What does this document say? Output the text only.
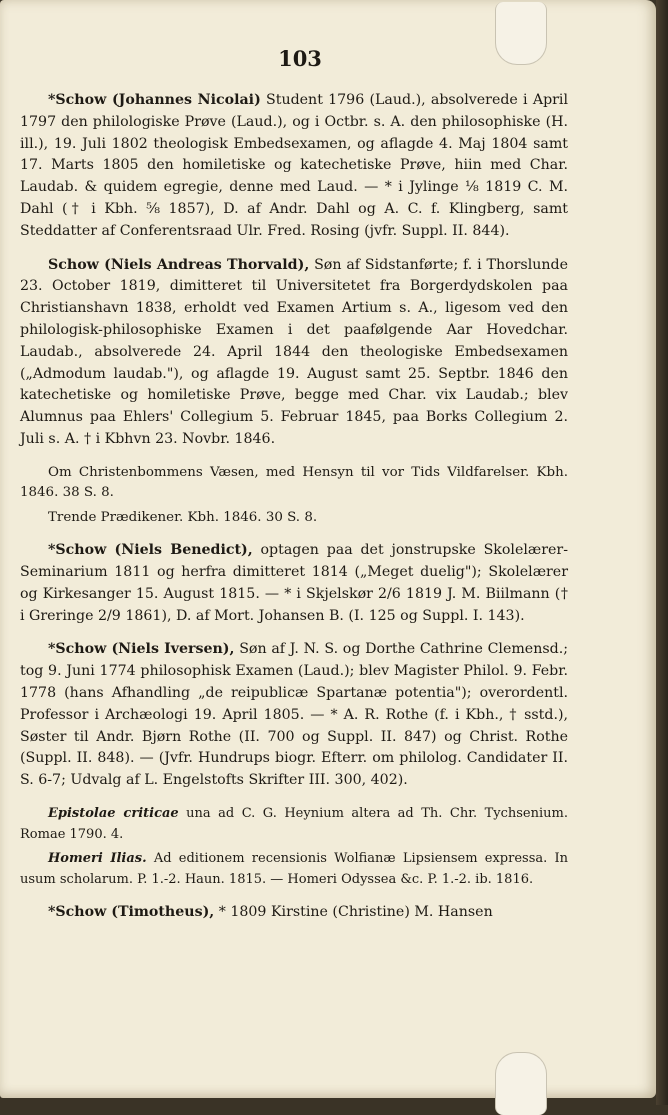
103

*Schow (Johannes Nicolai) Student 1796 (Laud.), absolverede i April 1797 den philologiske Prøve (Laud.), og i Octbr. s. A. den philosophiske (H. ill.), 19. Juli 1802 theologisk Embedsexamen, og aflagde 4. Maj 1804 samt 17. Marts 1805 den homiletiske og katechetiske Prøve, hiin med Char. Laudab. & quidem egregie, denne med Laud. — * i Jylinge ⅛ 1819 C. M. Dahl († i Kbh. ⅝ 1857), D. af Andr. Dahl og A. C. f. Klingberg, samt Steddatter af Conferentsraad Ulr. Fred. Rosing (jvfr. Suppl. II. 844).

Schow (Niels Andreas Thorvald), Søn af Sidstanførte; f. i Thorslunde 23. October 1819, dimitteret til Universitetet fra Borgerdydskolen paa Christianshavn 1838, erholdt ved Examen Artium s. A., ligesom ved den philologisk-philosophiske Examen i det paafølgende Aar Hovedchar. Laudab., absolverede 24. April 1844 den theologiske Embedsexamen („Admodum laudab."), og aflagde 19. August samt 25. Septbr. 1846 den katechetiske og homiletiske Prøve, begge med Char. vix Laudab.; blev Alumnus paa Ehlers' Collegium 5. Februar 1845, paa Borks Collegium 2. Juli s. A. † i Kbhvn 23. Novbr. 1846.

Om Christenbommens Væsen, med Hensyn til vor Tids Vildfarelser. Kbh. 1846. 38 S. 8.

Trende Prædikener. Kbh. 1846. 30 S. 8.

*Schow (Niels Benedict), optagen paa det jonstrupske Skolelærer-Seminarium 1811 og herfra dimitteret 1814 („Meget duelig"); Skolelærer og Kirkesanger 15. August 1815. — * i Skjelskør 2/6 1819 J. M. Biilmann († i Greringe 2/9 1861), D. af Mort. Johansen B. (I. 125 og Suppl. I. 143).

*Schow (Niels Iversen), Søn af J. N. S. og Dorthe Cathrine Clemensd.; tog 9. Juni 1774 philosophisk Examen (Laud.); blev Magister Philol. 9. Febr. 1778 (hans Afhandling „de reipublicæ Spartanæ potentia"); overordentl. Professor i Archæologi 19. April 1805. — * A. R. Rothe (f. i Kbh., † sstd.), Søster til Andr. Bjørn Rothe (II. 700 og Suppl. II. 847) og Christ. Rothe (Suppl. II. 848). — (Jvfr. Hundrups biogr. Efterr. om philolog. Candidater II. S. 6-7; Udvalg af L. Engelstofts Skrifter III. 300, 402).

Epistolae criticae una ad C. G. Heynium altera ad Th. Chr. Tychsenium. Romae 1790. 4.

Homeri Ilias. Ad editionem recensionis Wolfianæ Lipsiensem expressa. In usum scholarum. P. 1.-2. Haun. 1815. — Homeri Odyssea &c. P. 1.-2. ib. 1816.

*Schow (Timotheus), * 1809 Kirstine (Christine) M. Hansen
